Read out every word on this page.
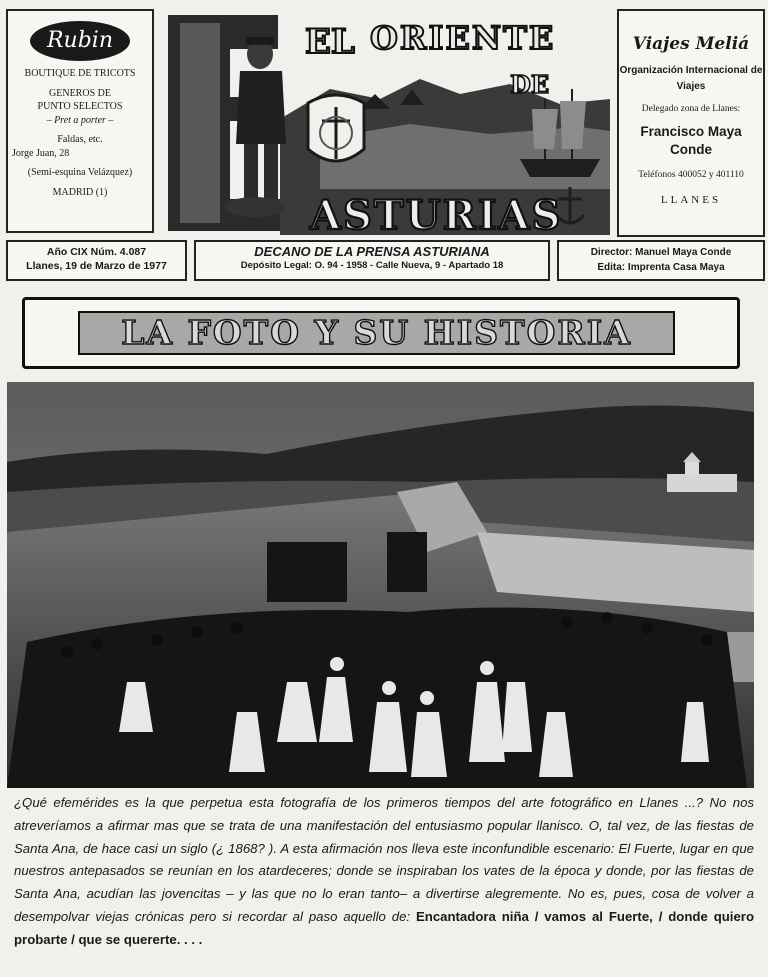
Rubin
BOUTIQUE DE TRICOTS
GENEROS DE
PUNTO SELECTOS
– Pret a porter –
Faldas, etc.
Jorge Juan, 28
(Semi-esquina Velázquez)
MADRID (1)
EL ORIENTE
DE
ASTURIAS
Viajes Meliá
Organización Internacional de Viajes
Delegado zona de Llanes:
Francisco Maya Conde
Teléfonos 400052 y 401110
LLANES
Año CIX Núm. 4.087
Llanes, 19 de Marzo de 1977
DECANO DE LA PRENSA ASTURIANA
Depósito Legal: O. 94 - 1958 - Calle Nueva, 9 - Apartado 18
Director: Manuel Maya Conde
Edita: Imprenta Casa Maya
LA FOTO Y SU HISTORIA
¿Qué efemérides es la que perpetua esta fotografía de los primeros tiempos del arte fotográfico en Llanes ...? No nos atreveríamos a afirmar mas que se trata de una manifestación del entusiasmo popular llanisco. O, tal vez, de las fiestas de Santa Ana, de hace casi un siglo (¿ 1868? ). A esta afirmación nos lleva este inconfundible escenario: El Fuerte, lugar en que nuestros antepasados se reunían en los atardeceres; donde se inspiraban los vates de la época y donde, por las fiestas de Santa Ana, acudían las jovencitas – y las que no lo eran tanto– a divertirse alegremente. No es, pues, cosa de volver a desempolvar viejas crónicas pero si recordar al paso aquello de: Encantadora niña / vamos al Fuerte, / donde quiero probarte / que se quererte. . . .
